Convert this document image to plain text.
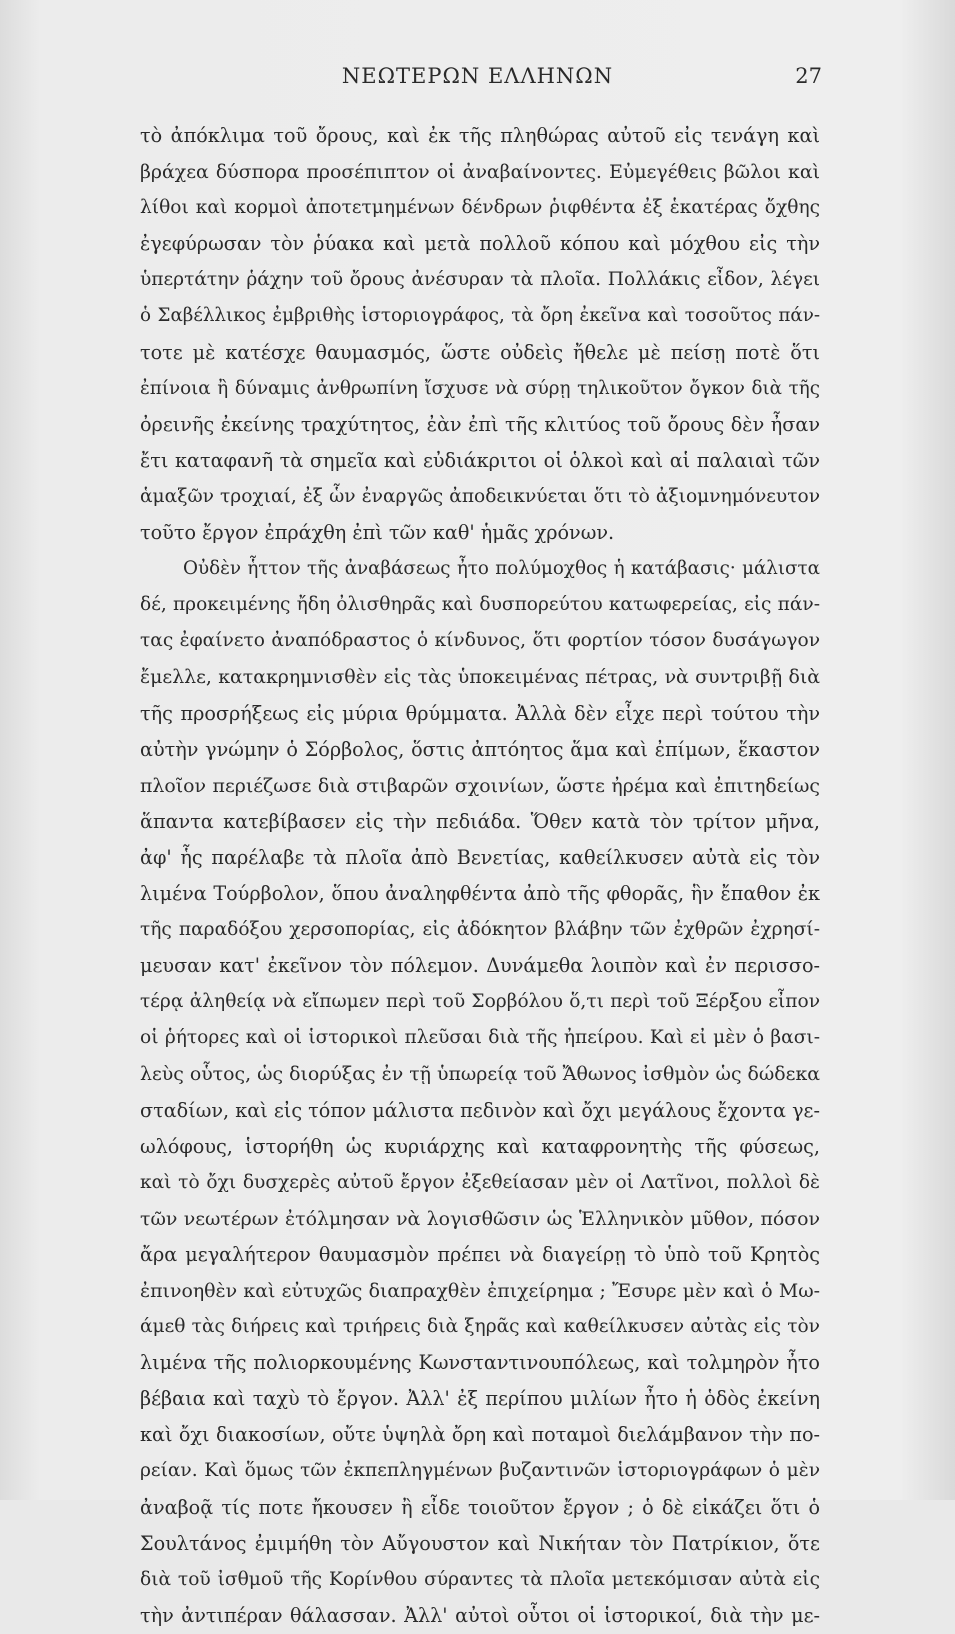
ΝΕΩΤΕΡΩΝ ΕΛΛΗΝΩΝ	27
τὸ ἀπόκλιμα τοῦ ὄρους, καὶ ἐκ τῆς πληθώρας αὐτοῦ εἰς τενάγη καὶ
βράχεα δύσπορα προσέπιπτον οἱ ἀναβαίνοντες. Εὐμεγέθεις βῶλοι καὶ
λίθοι καὶ κορμοὶ ἀποτετμημένων δένδρων ῥιφθέντα ἐξ ἑκατέρας ὄχθης
ἐγεφύρωσαν τὸν ῥύακα καὶ μετὰ πολλοῦ κόπου καὶ μόχθου εἰς τὴν
ὑπερτάτην ῥάχην τοῦ ὄρους ἀνέσυραν τὰ πλοῖα. Πολλάκις εἶδον, λέγει
ὁ Σαβέλλικος ἐμβριθὴς ἱστοριογράφος, τὰ ὄρη ἐκεῖνα καὶ τοσοῦτος πάν-
τοτε μὲ κατέσχε θαυμασμός, ὥστε οὐδεὶς ἤθελε μὲ πείσῃ ποτὲ ὅτι
ἐπίνοια ἢ δύναμις ἀνθρωπίνη ἴσχυσε νὰ σύρῃ τηλικοῦτον ὄγκον διὰ τῆς
ὀρεινῆς ἐκείνης τραχύτητος, ἐὰν ἐπὶ τῆς κλιτύος τοῦ ὄρους δὲν ἦσαν
ἔτι καταφανῆ τὰ σημεῖα καὶ εὐδιάκριτοι οἱ ὁλκοὶ καὶ αἱ παλαιαὶ τῶν
ἁμαξῶν τροχιαί, ἐξ ὧν ἐναργῶς ἀποδεικνύεται ὅτι τὸ ἀξιομνημόνευτον
τοῦτο ἔργον ἐπράχθη ἐπὶ τῶν καθ' ἡμᾶς χρόνων.
Οὐδὲν ἧττον τῆς ἀναβάσεως ἦτο πολύμοχθος ἡ κατάβασις· μάλιστα
δέ, προκειμένης ἤδη ὀλισθηρᾶς καὶ δυσπορεύτου κατωφερείας, εἰς πάν-
τας ἐφαίνετο ἀναπόδραστος ὁ κίνδυνος, ὅτι φορτίον τόσον δυσάγωγον
ἔμελλε, κατακρημνισθὲν εἰς τὰς ὑποκειμένας πέτρας, νὰ συντριβῇ διὰ
τῆς προσρήξεως εἰς μύρια θρύμματα. Ἀλλὰ δὲν εἶχε περὶ τούτου τὴν
αὐτὴν γνώμην ὁ Σόρβολος, ὅστις ἀπτόητος ἅμα καὶ ἐπίμων, ἕκαστον
πλοῖον περιέζωσε διὰ στιβαρῶν σχοινίων, ὥστε ἠρέμα καὶ ἐπιτηδείως
ἅπαντα κατεβίβασεν εἰς τὴν πεδιάδα. Ὅθεν κατὰ τὸν τρίτον μῆνα,
ἀφ' ἧς παρέλαβε τὰ πλοῖα ἀπὸ Βενετίας, καθείλκυσεν αὐτὰ εἰς τὸν
λιμένα Τούρβολον, ὅπου ἀναληφθέντα ἀπὸ τῆς φθορᾶς, ἣν ἔπαθον ἐκ
τῆς παραδόξου χερσοπορίας, εἰς ἀδόκητον βλάβην τῶν ἐχθρῶν ἐχρησί-
μευσαν κατ' ἐκεῖνον τὸν πόλεμον. Δυνάμεθα λοιπὸν καὶ ἐν περισσο-
τέρᾳ ἀληθείᾳ νὰ εἴπωμεν περὶ τοῦ Σορβόλου ὅ,τι περὶ τοῦ Ξέρξου εἶπον
οἱ ῥήτορες καὶ οἱ ἱστορικοὶ πλεῦσαι διὰ τῆς ἠπείρου. Καὶ εἰ μὲν ὁ βασι-
λεὺς οὗτος, ὡς διορύξας ἐν τῇ ὑπωρείᾳ τοῦ Ἄθωνος ἰσθμὸν ὡς δώδεκα
σταδίων, καὶ εἰς τόπον μάλιστα πεδινὸν καὶ ὄχι μεγάλους ἔχοντα γε-
ωλόφους, ἱστορήθη ὡς κυριάρχης καὶ καταφρονητὴς τῆς φύσεως,
καὶ τὸ ὄχι δυσχερὲς αὐτοῦ ἔργον ἐξεθείασαν μὲν οἱ Λατῖνοι, πολλοὶ δὲ
τῶν νεωτέρων ἐτόλμησαν νὰ λογισθῶσιν ὡς Ἑλληνικὸν μῦθον, πόσον
ἄρα μεγαλήτερον θαυμασμὸν πρέπει νὰ διαγείρῃ τὸ ὑπὸ τοῦ Κρητὸς
ἐπινοηθὲν καὶ εὐτυχῶς διαπραχθὲν ἐπιχείρημα ; Ἔσυρε μὲν καὶ ὁ Μω-
άμεθ τὰς διήρεις καὶ τριήρεις διὰ ξηρᾶς καὶ καθείλκυσεν αὐτὰς εἰς τὸν
λιμένα τῆς πολιορκουμένης Κωνσταντινουπόλεως, καὶ τολμηρὸν ἦτο
βέβαια καὶ ταχὺ τὸ ἔργον. Ἀλλ' ἐξ περίπου μιλίων ἦτο ἡ ὁδὸς ἐκείνη
καὶ ὄχι διακοσίων, οὔτε ὑψηλὰ ὄρη καὶ ποταμοὶ διελάμβανον τὴν πο-
ρείαν. Καὶ ὅμως τῶν ἐκπεπληγμένων βυζαντινῶν ἱστοριογράφων ὁ μὲν
ἀναβοᾷ τίς ποτε ἤκουσεν ἢ εἶδε τοιοῦτον ἔργον ; ὁ δὲ εἰκάζει ὅτι ὁ
Σουλτάνος ἐμιμήθη τὸν Αὔγουστον καὶ Νικήταν τὸν Πατρίκιον, ὅτε
διὰ τοῦ ἰσθμοῦ τῆς Κορίνθου σύραντες τὰ πλοῖα μετεκόμισαν αὐτὰ εἰς
τὴν ἀντιπέραν θάλασσαν. Ἀλλ' αὐτοὶ οὗτοι οἱ ἱστορικοί, διὰ τὴν με-
